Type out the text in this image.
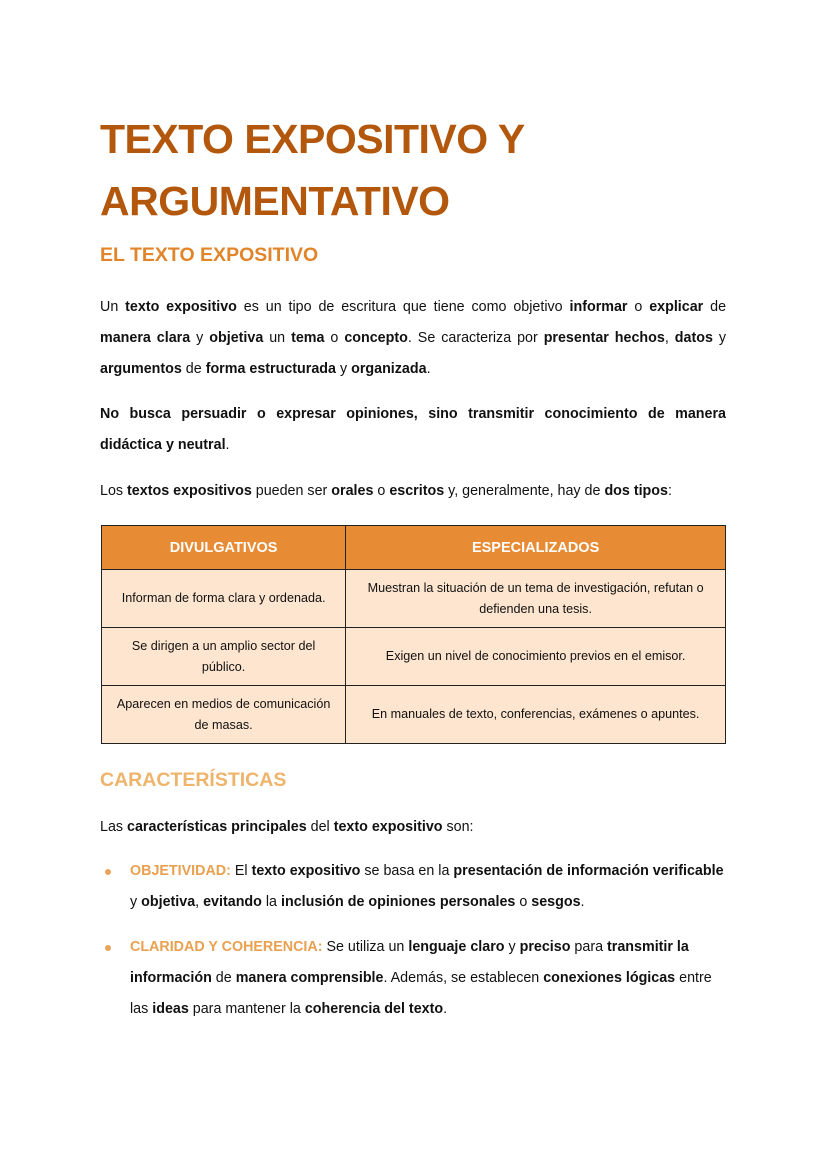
TEXTO EXPOSITIVO Y ARGUMENTATIVO
EL TEXTO EXPOSITIVO

Un texto expositivo es un tipo de escritura que tiene como objetivo informar o explicar de manera clara y objetiva un tema o concepto. Se caracteriza por presentar hechos, datos y argumentos de forma estructurada y organizada.

No busca persuadir o expresar opiniones, sino transmitir conocimiento de manera didáctica y neutral.

Los textos expositivos pueden ser orales o escritos y, generalmente, hay de dos tipos:

DIVULGATIVOS	ESPECIALIZADOS
Informan de forma clara y ordenada.	Muestran la situación de un tema de investigación, refutan o defienden una tesis.
Se dirigen a un amplio sector del público.	Exigen un nivel de conocimiento previos en el emisor.
Aparecen en medios de comunicación de masas.	En manuales de texto, conferencias, exámenes o apuntes.
CARACTERÍSTICAS

Las características principales del texto expositivo son:

OBJETIVIDAD: El texto expositivo se basa en la presentación de información verificable y objetiva, evitando la inclusión de opiniones personales o sesgos.
CLARIDAD Y COHERENCIA: Se utiliza un lenguaje claro y preciso para transmitir la información de manera comprensible. Además, se establecen conexiones lógicas entre las ideas para mantener la coherencia del texto.
